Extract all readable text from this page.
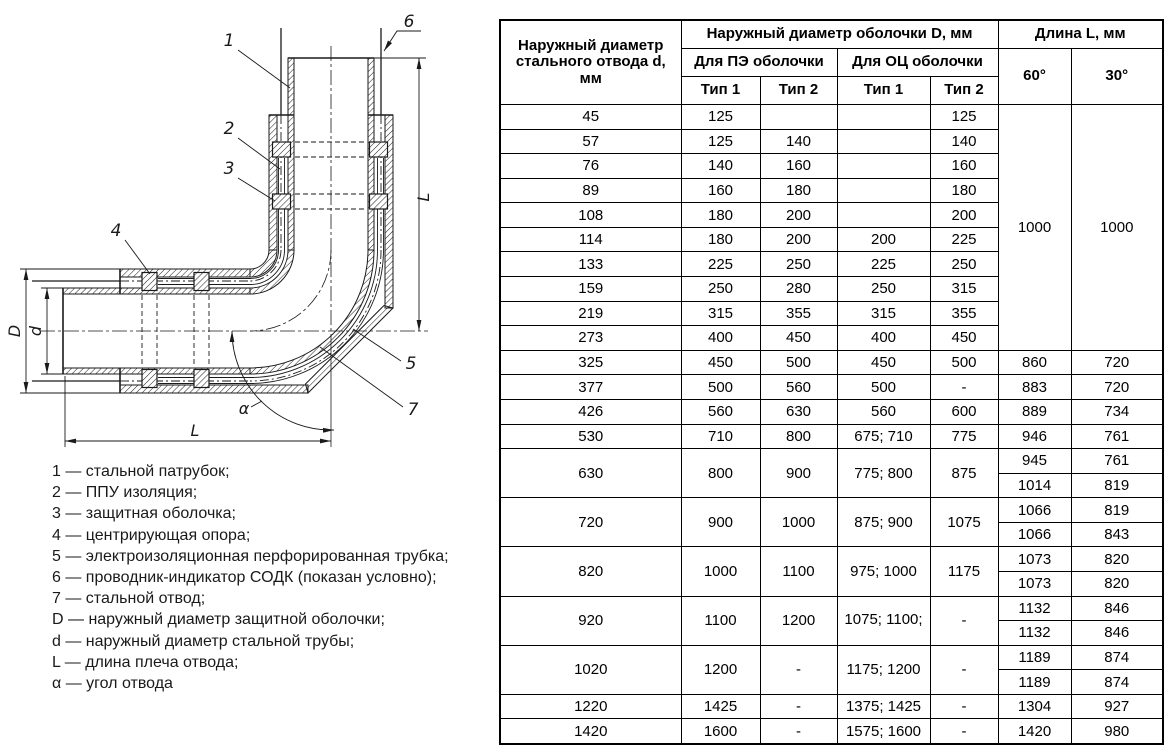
1
2
3
4
5
6
7
L
D d
L
α
1 — стальной патрубок;
2 — ППУ изоляция;
3 — защитная оболочка;
4 — центрирующая опора;
5 — электроизоляционная перфорированная трубка;
6 — проводник-индикатор СОДК (показан условно);
7 — стальной отвод;
D — наружный диаметр защитной оболочки;
d — наружный диаметр стальной трубы;
L — длина плеча отвода;
α — угол отвода
Наружный диаметр стального отвода d, мм	Наружный диаметр оболочки D, мм				Длина L, мм	
	Для ПЭ оболочки		Для ОЦ оболочки		60°	30°
	Тип 1	Тип 2	Тип 1	Тип 2		
45	125			125	1000	1000
57	125	140		140		
76	140	160		160		
89	160	180		180		
108	180	200		200		
114	180	200	200	225		
133	225	250	225	250		
159	250	280	250	315		
219	315	355	315	355		
273	400	450	400	450		
325	450	500	450	500	860	720
377	500	560	500	-	883	720
426	560	630	560	600	889	734
530	710	800	675; 710	775	946	761
630	800	900	775; 800	875	945	761
					1014	819
720	900	1000	875; 900	1075	1066	819
					1066	843
820	1000	1100	975; 1000	1175	1073	820
					1073	820
920	1100	1200	1075; 1100;	-	1132	846
					1132	846
1020	1200	-	1175; 1200	-	1189	874
					1189	874
1220	1425	-	1375; 1425	-	1304	927
1420	1600	-	1575; 1600	-	1420	980
